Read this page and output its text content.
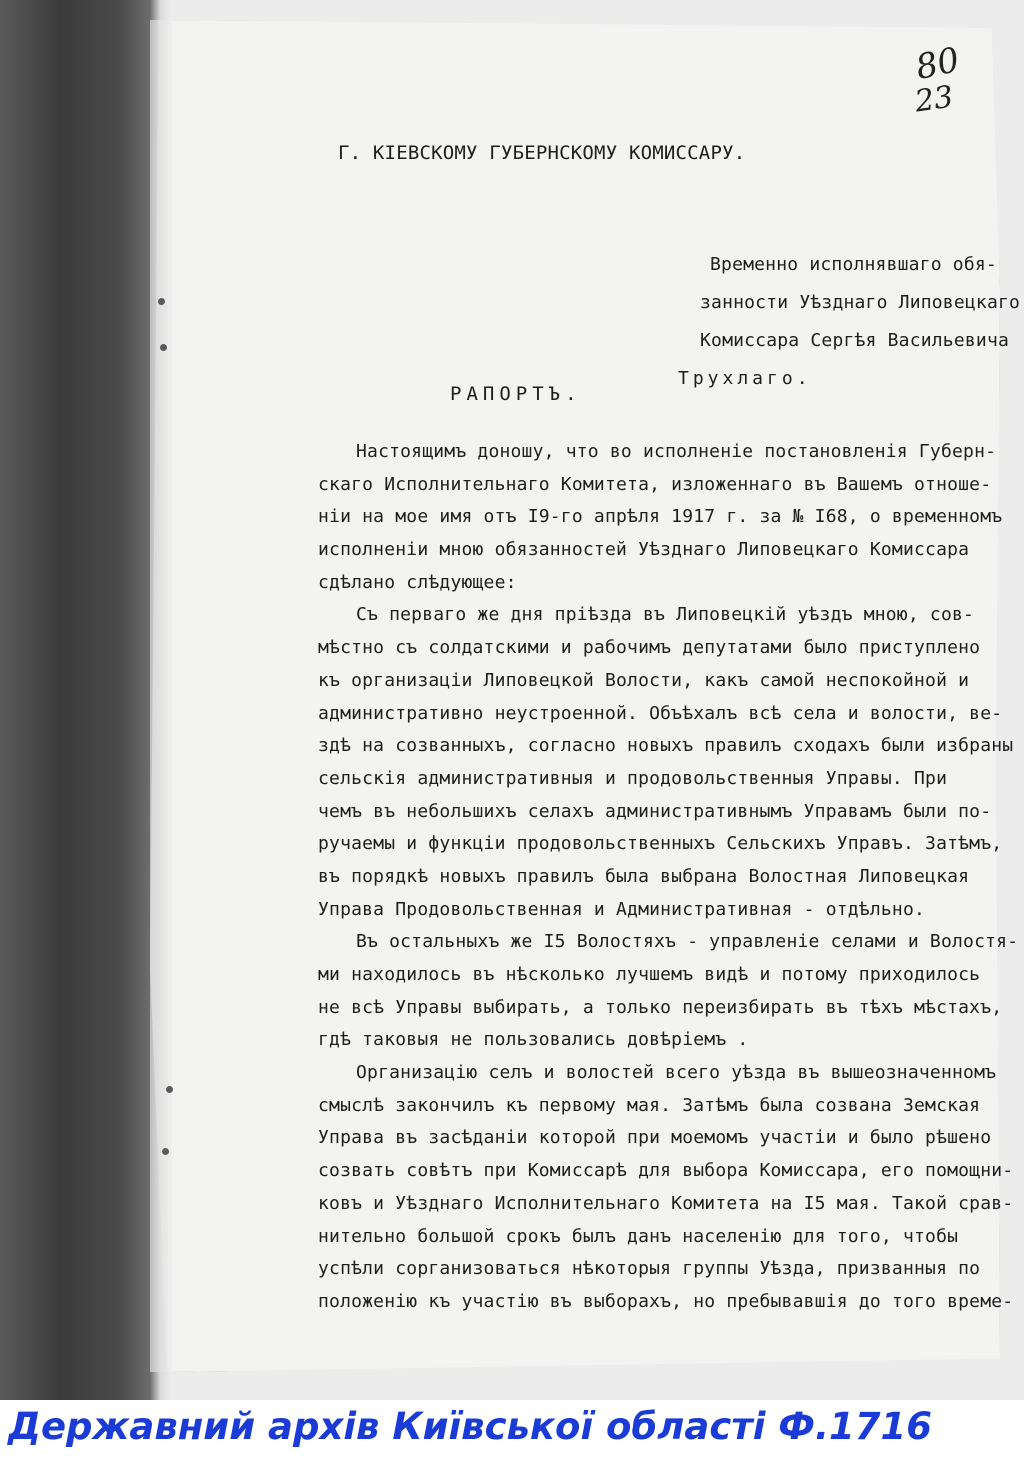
80
23
Г. КІЕВСКОМУ ГУБЕРНСКОМУ КОМИССАРУ.
Временно исполнявшаго обя-
занности Уѣзднаго Липовецкаго
Комиссара Сергѣя Васильевича
Трухлаго.
РАПОРТЪ.
Настоящимъ доношу, что во исполненіе постановленія Губерн-
скаго Исполнительнаго Комитета, изложеннаго въ Вашемъ отноше-
ніи на мое имя отъ I9-го апрѣля 1917 г. за № I68, о временномъ
исполненіи мною обязанностей Уѣзднаго Липовецкаго Комиссара
сдѣлано слѣдующее:
Съ перваго же дня пріѣзда въ Липовецкій уѣздъ мною, сов-
мѣстно съ солдатскими и рабочимъ депутатами было приступлено
къ организаціи Липовецкой Волости, какъ самой неспокойной и
административно неустроенной. Объѣхалъ всѣ села и волости, ве-
здѣ на созванныхъ, согласно новыхъ правилъ сходахъ были избраны
сельскія административныя и продовольственныя Управы. При
чемъ въ небольшихъ селахъ административнымъ Управамъ были по-
ручаемы и функціи продовольственныхъ Сельскихъ Управъ. Затѣмъ,
въ порядкѣ новыхъ правилъ была выбрана Волостная Липовецкая
Управа Продовольственная и Административная - отдѣльно.
Въ остальныхъ же I5 Волостяхъ - управленіе селами и Волостя-
ми находилось въ нѣсколько лучшемъ видѣ и потому приходилось
не всѣ Управы выбирать, а только переизбирать въ тѣхъ мѣстахъ,
гдѣ таковыя не пользовались довѣріемъ .
Организацію селъ и волостей всего уѣзда въ вышеозначенномъ
смыслѣ закончилъ къ первому мая. Затѣмъ была созвана Земская
Управа въ засѣданіи которой при моемомъ участіи и было рѣшено
созвать совѣтъ при Комиссарѣ для выбора Комиссара, его помощни-
ковъ и Уѣзднаго Исполнительнаго Комитета на I5 мая. Такой срав-
нительно большой срокъ былъ данъ населенію для того, чтобы
успѣли сорганизоваться нѣкоторыя группы Уѣзда, призванныя по
положенію къ участію въ выборахъ, но пребывавшія до того време-
Державний архів Київської області Ф.1716
